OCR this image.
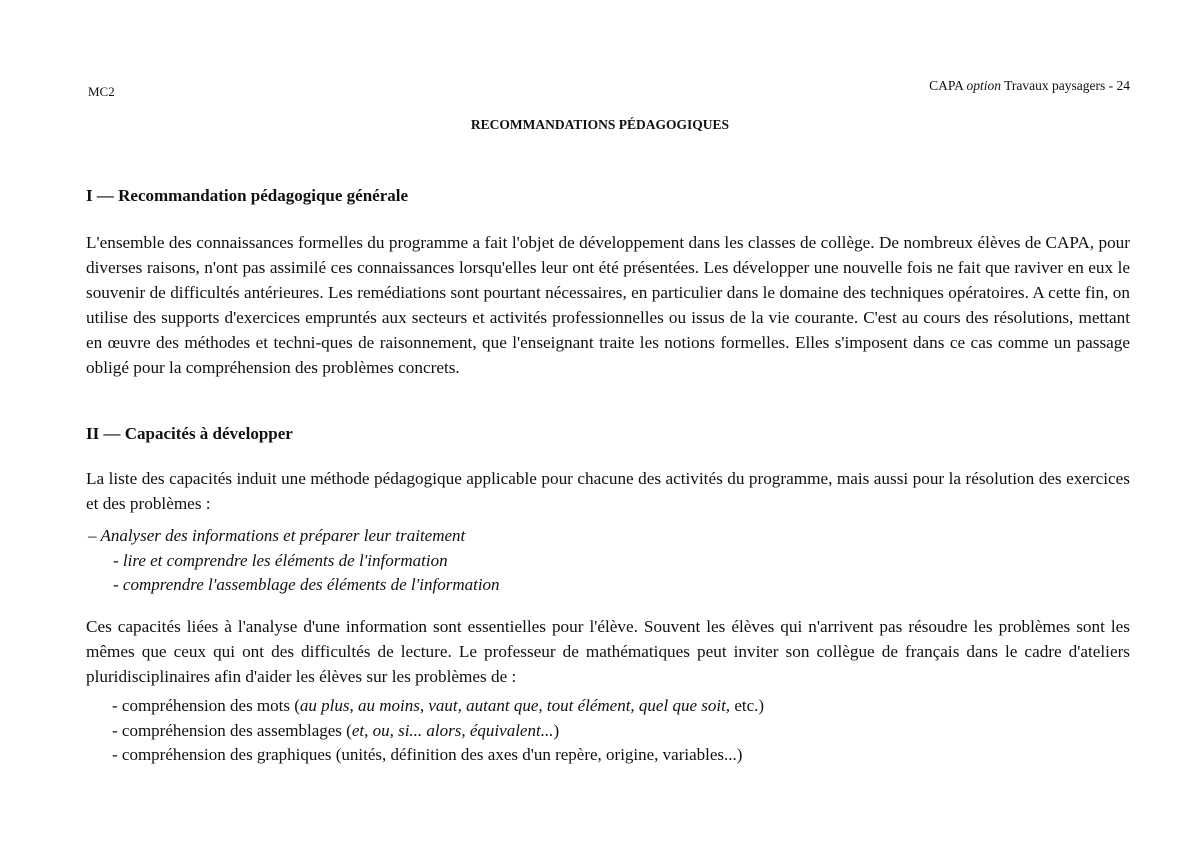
MC2	CAPA option Travaux paysagers - 24
RECOMMANDATIONS PÉDAGOGIQUES
I — Recommandation pédagogique générale

L'ensemble des connaissances formelles du programme a fait l'objet de développement dans les classes de collège. De nombreux élèves de CAPA, pour diverses raisons, n'ont pas assimilé ces connaissances lorsqu'elles leur ont été présentées. Les développer une nouvelle fois ne fait que raviver en eux le souvenir de difficultés antérieures. Les remédiations sont pourtant nécessaires, en particulier dans le domaine des techniques opératoires. A cette fin, on utilise des supports d'exercices empruntés aux secteurs et activités professionnelles ou issus de la vie courante. C'est au cours des résolutions, mettant en œuvre des méthodes et techni-ques de raisonnement, que l'enseignant traite les notions formelles. Elles s'imposent dans ce cas comme un passage obligé pour la compréhension des problèmes concrets.

II — Capacités à développer

La liste des capacités induit une méthode pédagogique applicable pour chacune des activités du programme, mais aussi pour la résolution des exercices et des problèmes :

– Analyser des informations et préparer leur traitement
- lire et comprendre les éléments de l'information
- comprendre l'assemblage des éléments de l'information

Ces capacités liées à l'analyse d'une information sont essentielles pour l'élève. Souvent les élèves qui n'arrivent pas résoudre les problèmes sont les mêmes que ceux qui ont des difficultés de lecture. Le professeur de mathématiques peut inviter son collègue de français dans le cadre d'ateliers pluridisciplinaires afin d'aider les élèves sur les problèmes de :

- compréhension des mots (au plus, au moins, vaut, autant que, tout élément, quel que soit, etc.)
- compréhension des assemblages (et, ou, si... alors, équivalent...)
- compréhension des graphiques (unités, définition des axes d'un repère, origine, variables...)
